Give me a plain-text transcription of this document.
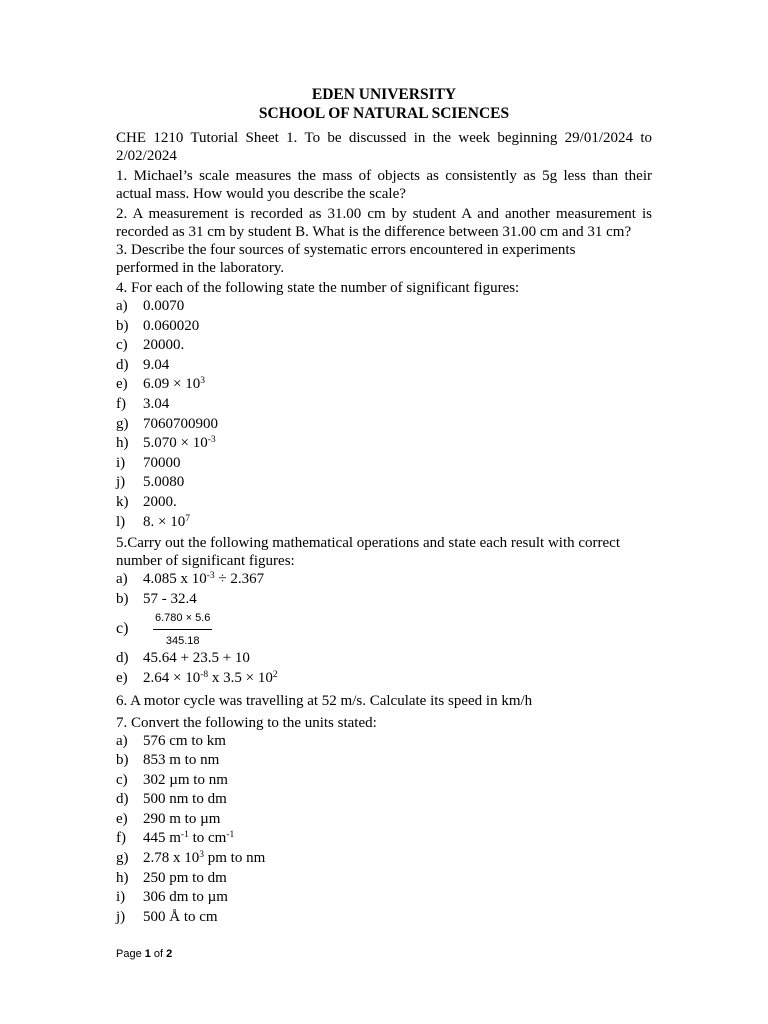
EDEN UNIVERSITY
SCHOOL OF NATURAL SCIENCES

CHE 1210 Tutorial Sheet 1. To be discussed in the week beginning 29/01/2024 to 2/02/2024

1. Michael’s scale measures the mass of objects as consistently as 5g less than their actual mass. How would you describe the scale?

2. A measurement is recorded as 31.00 cm by student A and another measurement is recorded as 31 cm by student B. What is the difference between 31.00 cm and 31 cm?

3. Describe the four sources of systematic errors encountered in experiments

performed in the laboratory.

4. For each of the following state the number of significant figures:

a)	0.0070
b) 0.060020
c)	20000.
d) 9.04
e)	$6.09 \times 10^3$
f)	3.04
g) 7060700900
h) $5.070 \times 10^{-3}$
i)	70000
j)	5.0080
k) 2000.
l)	8. × $10^7$

5.Carry out the following mathematical operations and state each result with correct

number of significant figures:

a)	4.085 x $10^{-3} \div 2.367$
b) 57 - 32.4
c)	$\frac{6.780 \times 5.6}{345.18}$
d) 45.64 + 23.5 + 10
e)	$2.64 \times 10^{-8}$ x $3.5 \times 10^2$

6. A motor cycle was travelling at 52 m/s. Calculate its speed in km/h

7. Convert the following to the units stated:

a)	576 cm to km
b) 853 m to nm
c)	302 µm to nm
d) 500 nm to dm
e)	290 m to µm
f)	445 $m^{-1}$ to $cm^{-1}$
g) 2.78 x $10^3$ pm to nm
h) 250 pm to dm
i)	306 dm to µm
j)	500 Å to cm
Page 1 of 2
